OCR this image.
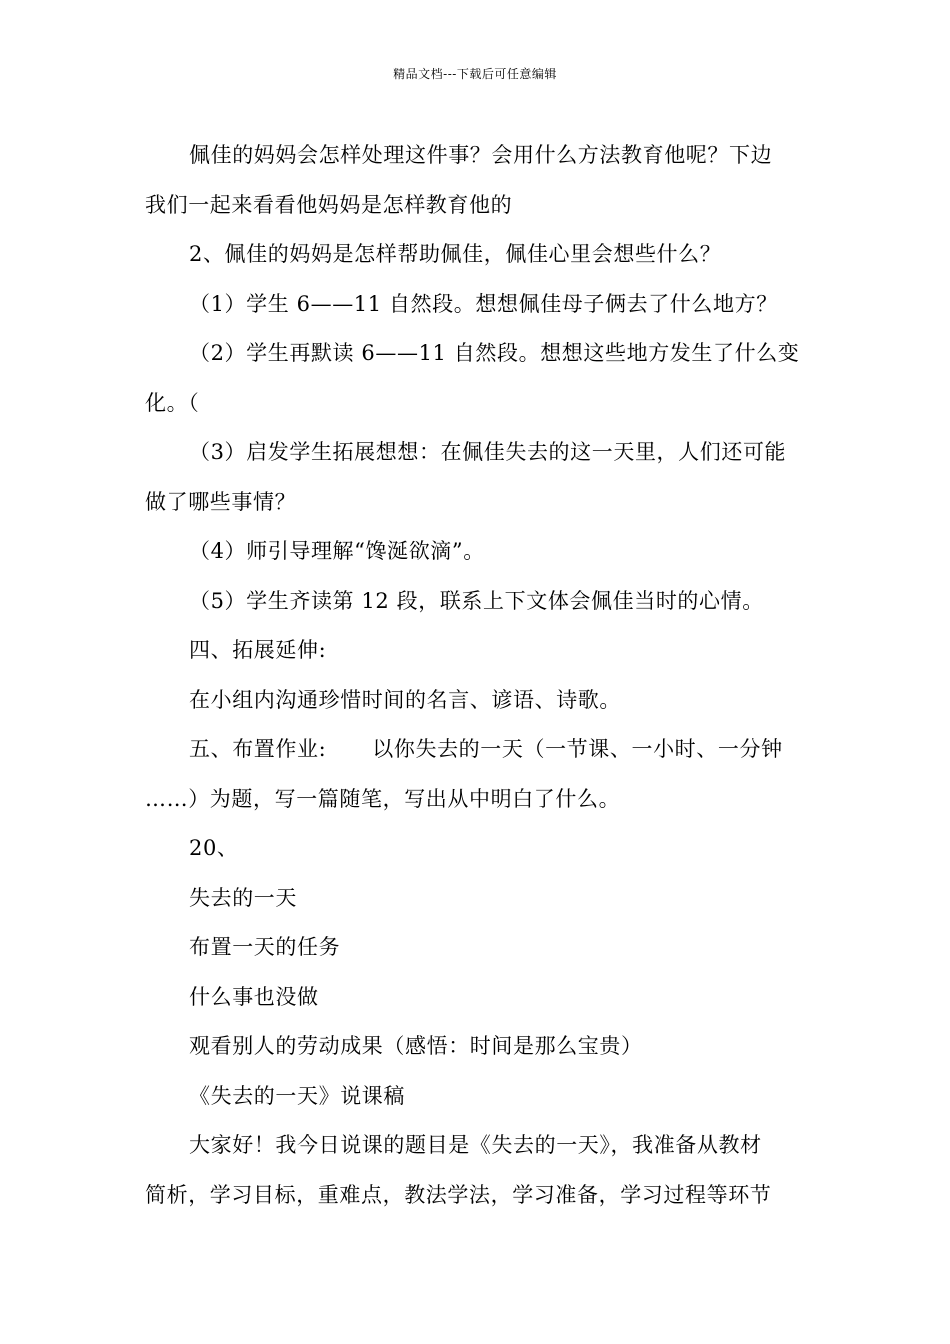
精品文档---下载后可任意编辑
佩佳的妈妈会怎样处理这件事？会用什么方法教育他呢？下边
我们一起来看看他妈妈是怎样教育他的
2、佩佳的妈妈是怎样帮助佩佳，佩佳心里会想些什么？
（1）学生 6——11 自然段。想想佩佳母子俩去了什么地方？
（2）学生再默读 6——11 自然段。想想这些地方发生了什么变
化。（
（3）启发学生拓展想想：在佩佳失去的这一天里，人们还可能
做了哪些事情？
（4）师引导理解“馋涎欲滴”。
（5）学生齐读第 12 段，联系上下文体会佩佳当时的心情。
四、拓展延伸:
在小组内沟通珍惜时间的名言、谚语、诗歌。
五、布置作业: 以你失去的一天（一节课、一小时、一分钟
……）为题，写一篇随笔，写出从中明白了什么。
20、
失去的一天
布置一天的任务
什么事也没做
观看别人的劳动成果（感悟：时间是那么宝贵）
《失去的一天》说课稿
大家好！我今日说课的题目是《失去的一天》，我准备从教材
简析，学习目标，重难点，教法学法，学习准备，学习过程等环节
